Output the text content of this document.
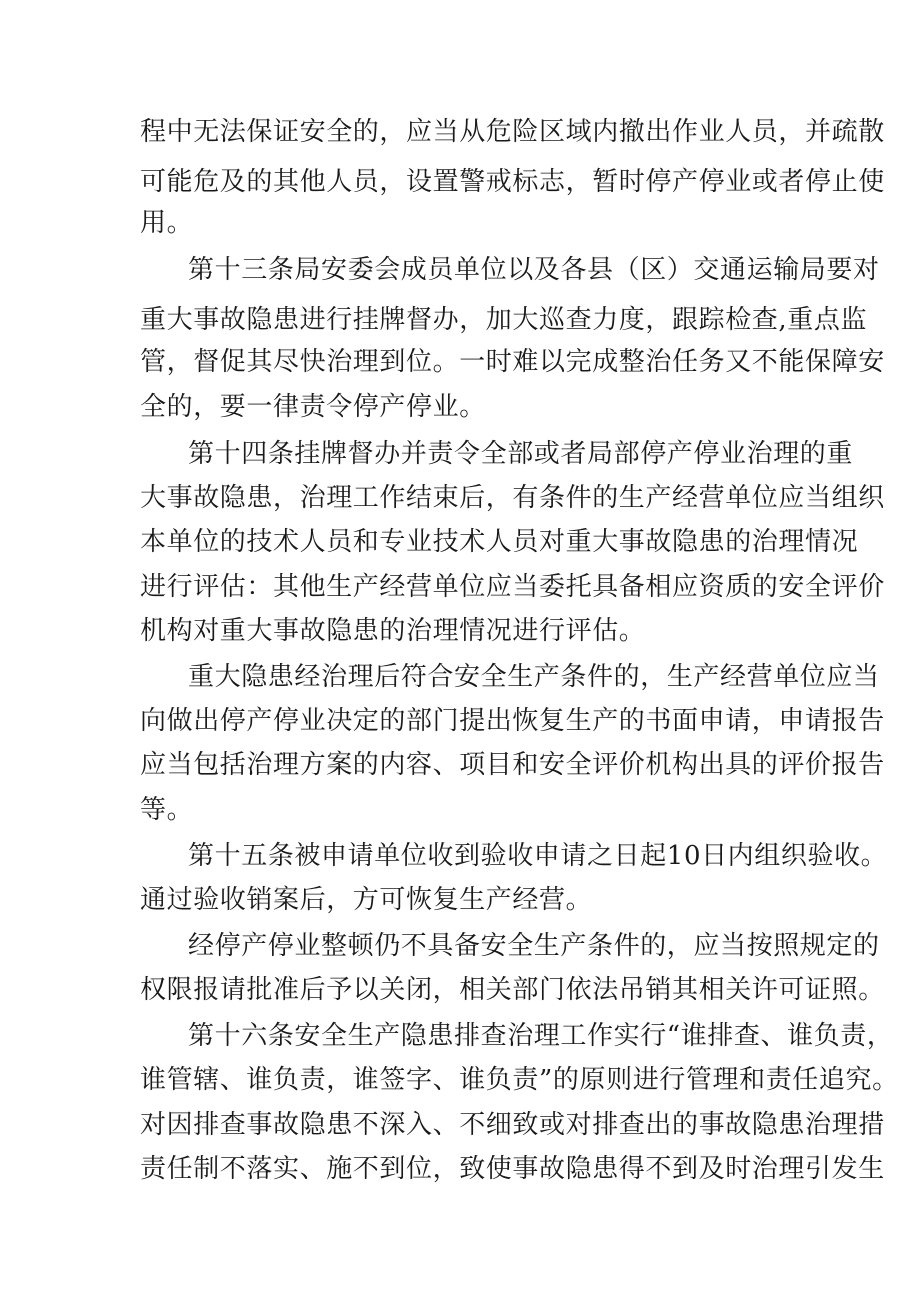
程中无法保证安全的，应当从危险区域内撤出作业人员，并疏散

可能危及的其他人员，设置警戒标志，暂时停产停业或者停止使

用。

第十三条局安委会成员单位以及各县（区）交通运输局要对

重大事故隐患进行挂牌督办，加大巡查力度，跟踪检查,重点监

管，督促其尽快治理到位。一时难以完成整治任务又不能保障安

全的，要一律责令停产停业。

第十四条挂牌督办并责令全部或者局部停产停业治理的重

大事故隐患，治理工作结束后，有条件的生产经营单位应当组织

本单位的技术人员和专业技术人员对重大事故隐患的治理情况

进行评估：其他生产经营单位应当委托具备相应资质的安全评价

机构对重大事故隐患的治理情况进行评估。

重大隐患经治理后符合安全生产条件的，生产经营单位应当

向做出停产停业决定的部门提出恢复生产的书面申请，申请报告

应当包括治理方案的内容、项目和安全评价机构出具的评价报告

等。

第十五条被申请单位收到验收申请之日起10日内组织验收。

通过验收销案后，方可恢复生产经营。

经停产停业整顿仍不具备安全生产条件的，应当按照规定的

权限报请批准后予以关闭，相关部门依法吊销其相关许可证照。

第十六条安全生产隐患排查治理工作实行“谁排查、谁负责，

谁管辖、谁负责，谁签字、谁负责”的原则进行管理和责任追究。

对因排查事故隐患不深入、不细致或对排查出的事故隐患治理措

责任制不落实、施不到位，致使事故隐患得不到及时治理引发生
